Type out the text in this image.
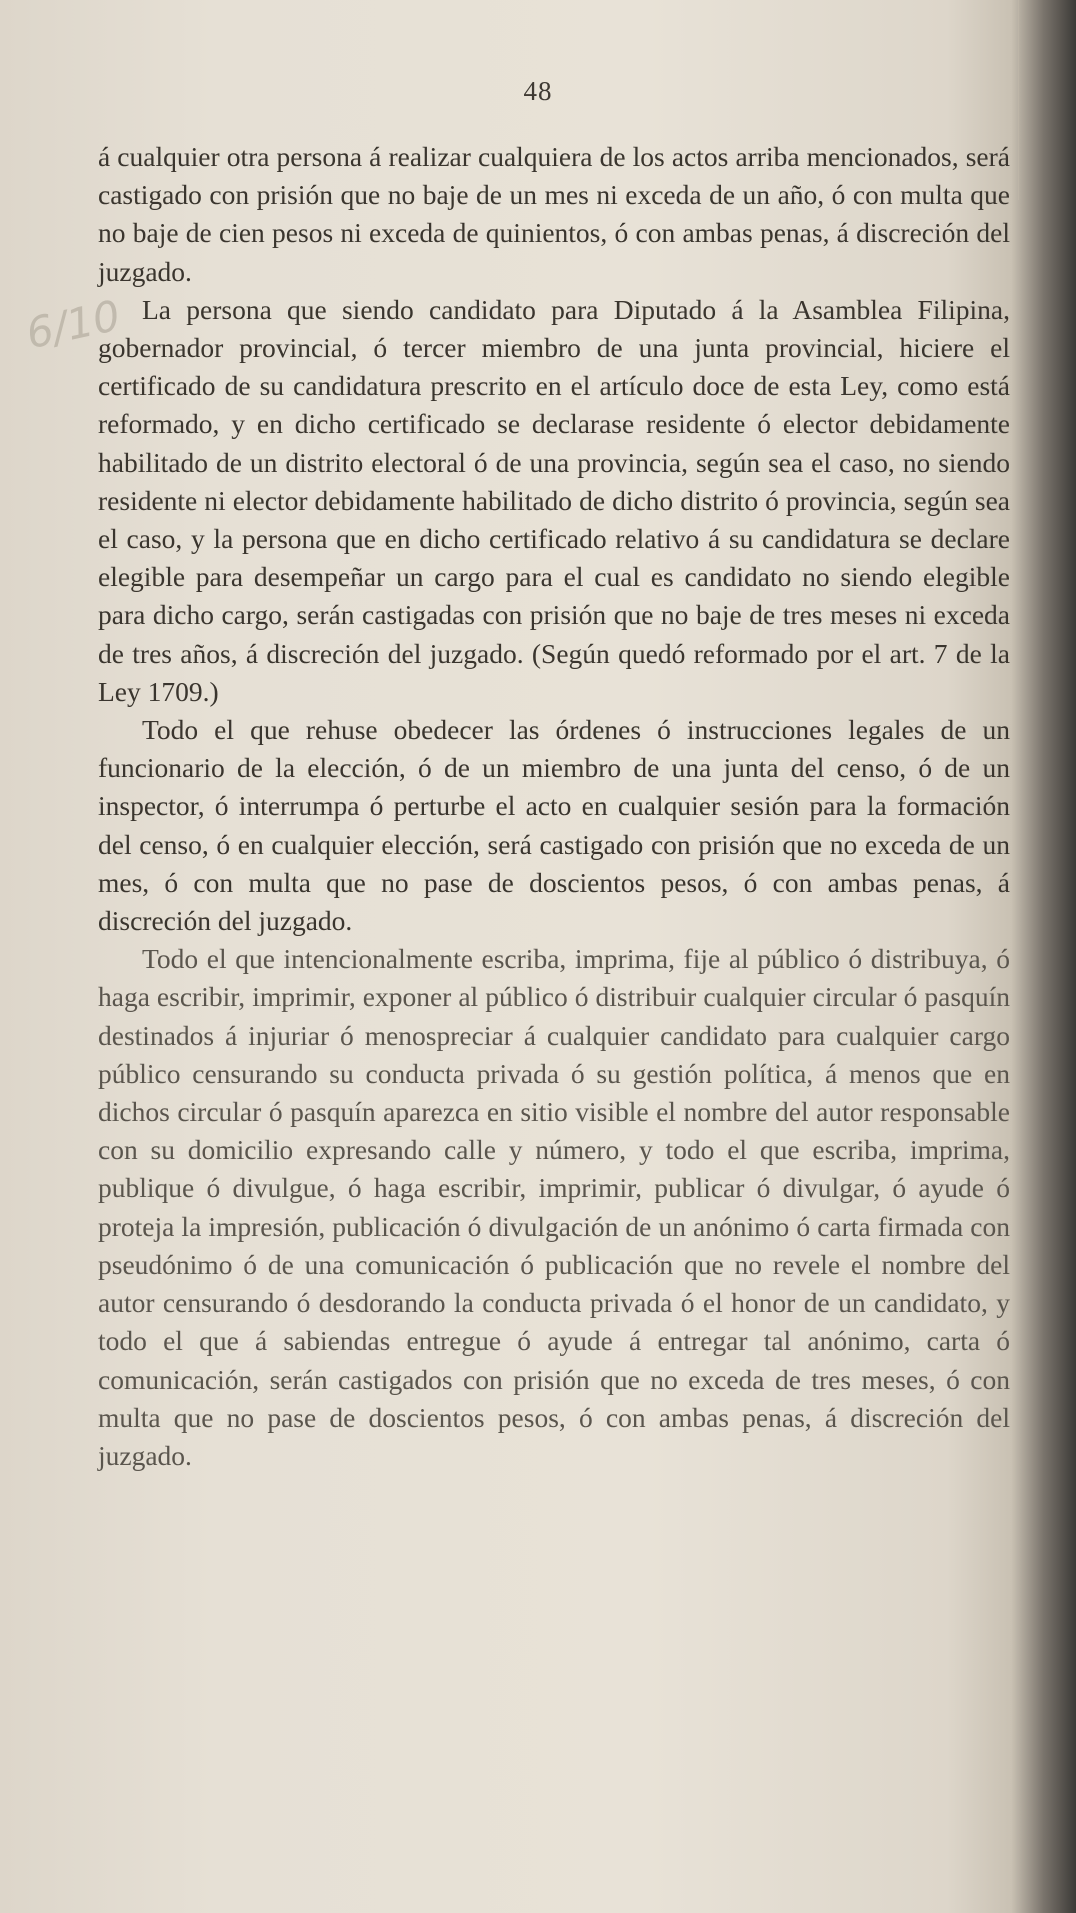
48
6/10

á cualquier otra persona á realizar cualquiera de los actos arriba mencionados, será castigado con prisión que no baje de un mes ni exceda de un año, ó con multa que no baje de cien pesos ni exceda de quinientos, ó con ambas penas, á discreción del juzgado.

La persona que siendo candidato para Diputado á la Asamblea Filipina, gobernador provincial, ó tercer miembro de una junta provincial, hiciere el certificado de su candidatura prescrito en el artículo doce de esta Ley, como está reformado, y en dicho certificado se declarase residente ó elector debidamente habilitado de un distrito electoral ó de una provincia, según sea el caso, no siendo residente ni elector debidamente habilitado de dicho distrito ó provincia, según sea el caso, y la persona que en dicho certificado relativo á su candidatura se declare elegible para desempeñar un cargo para el cual es candidato no siendo elegible para dicho cargo, serán castigadas con prisión que no baje de tres meses ni exceda de tres años, á discreción del juzgado. (Según quedó reformado por el art. 7 de la Ley 1709.)

Todo el que rehuse obedecer las órdenes ó instrucciones legales de un funcionario de la elección, ó de un miembro de una junta del censo, ó de un inspector, ó interrumpa ó perturbe el acto en cualquier sesión para la formación del censo, ó en cualquier elección, será castigado con prisión que no exceda de un mes, ó con multa que no pase de doscientos pesos, ó con ambas penas, á discreción del juzgado.

Todo el que intencionalmente escriba, imprima, fije al público ó distribuya, ó haga escribir, imprimir, exponer al público ó distribuir cualquier circular ó pasquín destinados á injuriar ó menospreciar á cualquier candidato para cualquier cargo público censurando su conducta privada ó su gestión política, á menos que en dichos circular ó pasquín aparezca en sitio visible el nombre del autor responsable con su domicilio expresando calle y número, y todo el que escriba, imprima, publique ó divulgue, ó haga escribir, imprimir, publicar ó divulgar, ó ayude ó proteja la impresión, publicación ó divulgación de un anónimo ó carta firmada con pseudónimo ó de una comunicación ó publicación que no revele el nombre del autor censurando ó desdorando la conducta privada ó el honor de un candidato, y todo el que á sabiendas entregue ó ayude á entregar tal anónimo, carta ó comunicación, serán castigados con prisión que no exceda de tres meses, ó con multa que no pase de doscientos pesos, ó con ambas penas, á discreción del juzgado.
